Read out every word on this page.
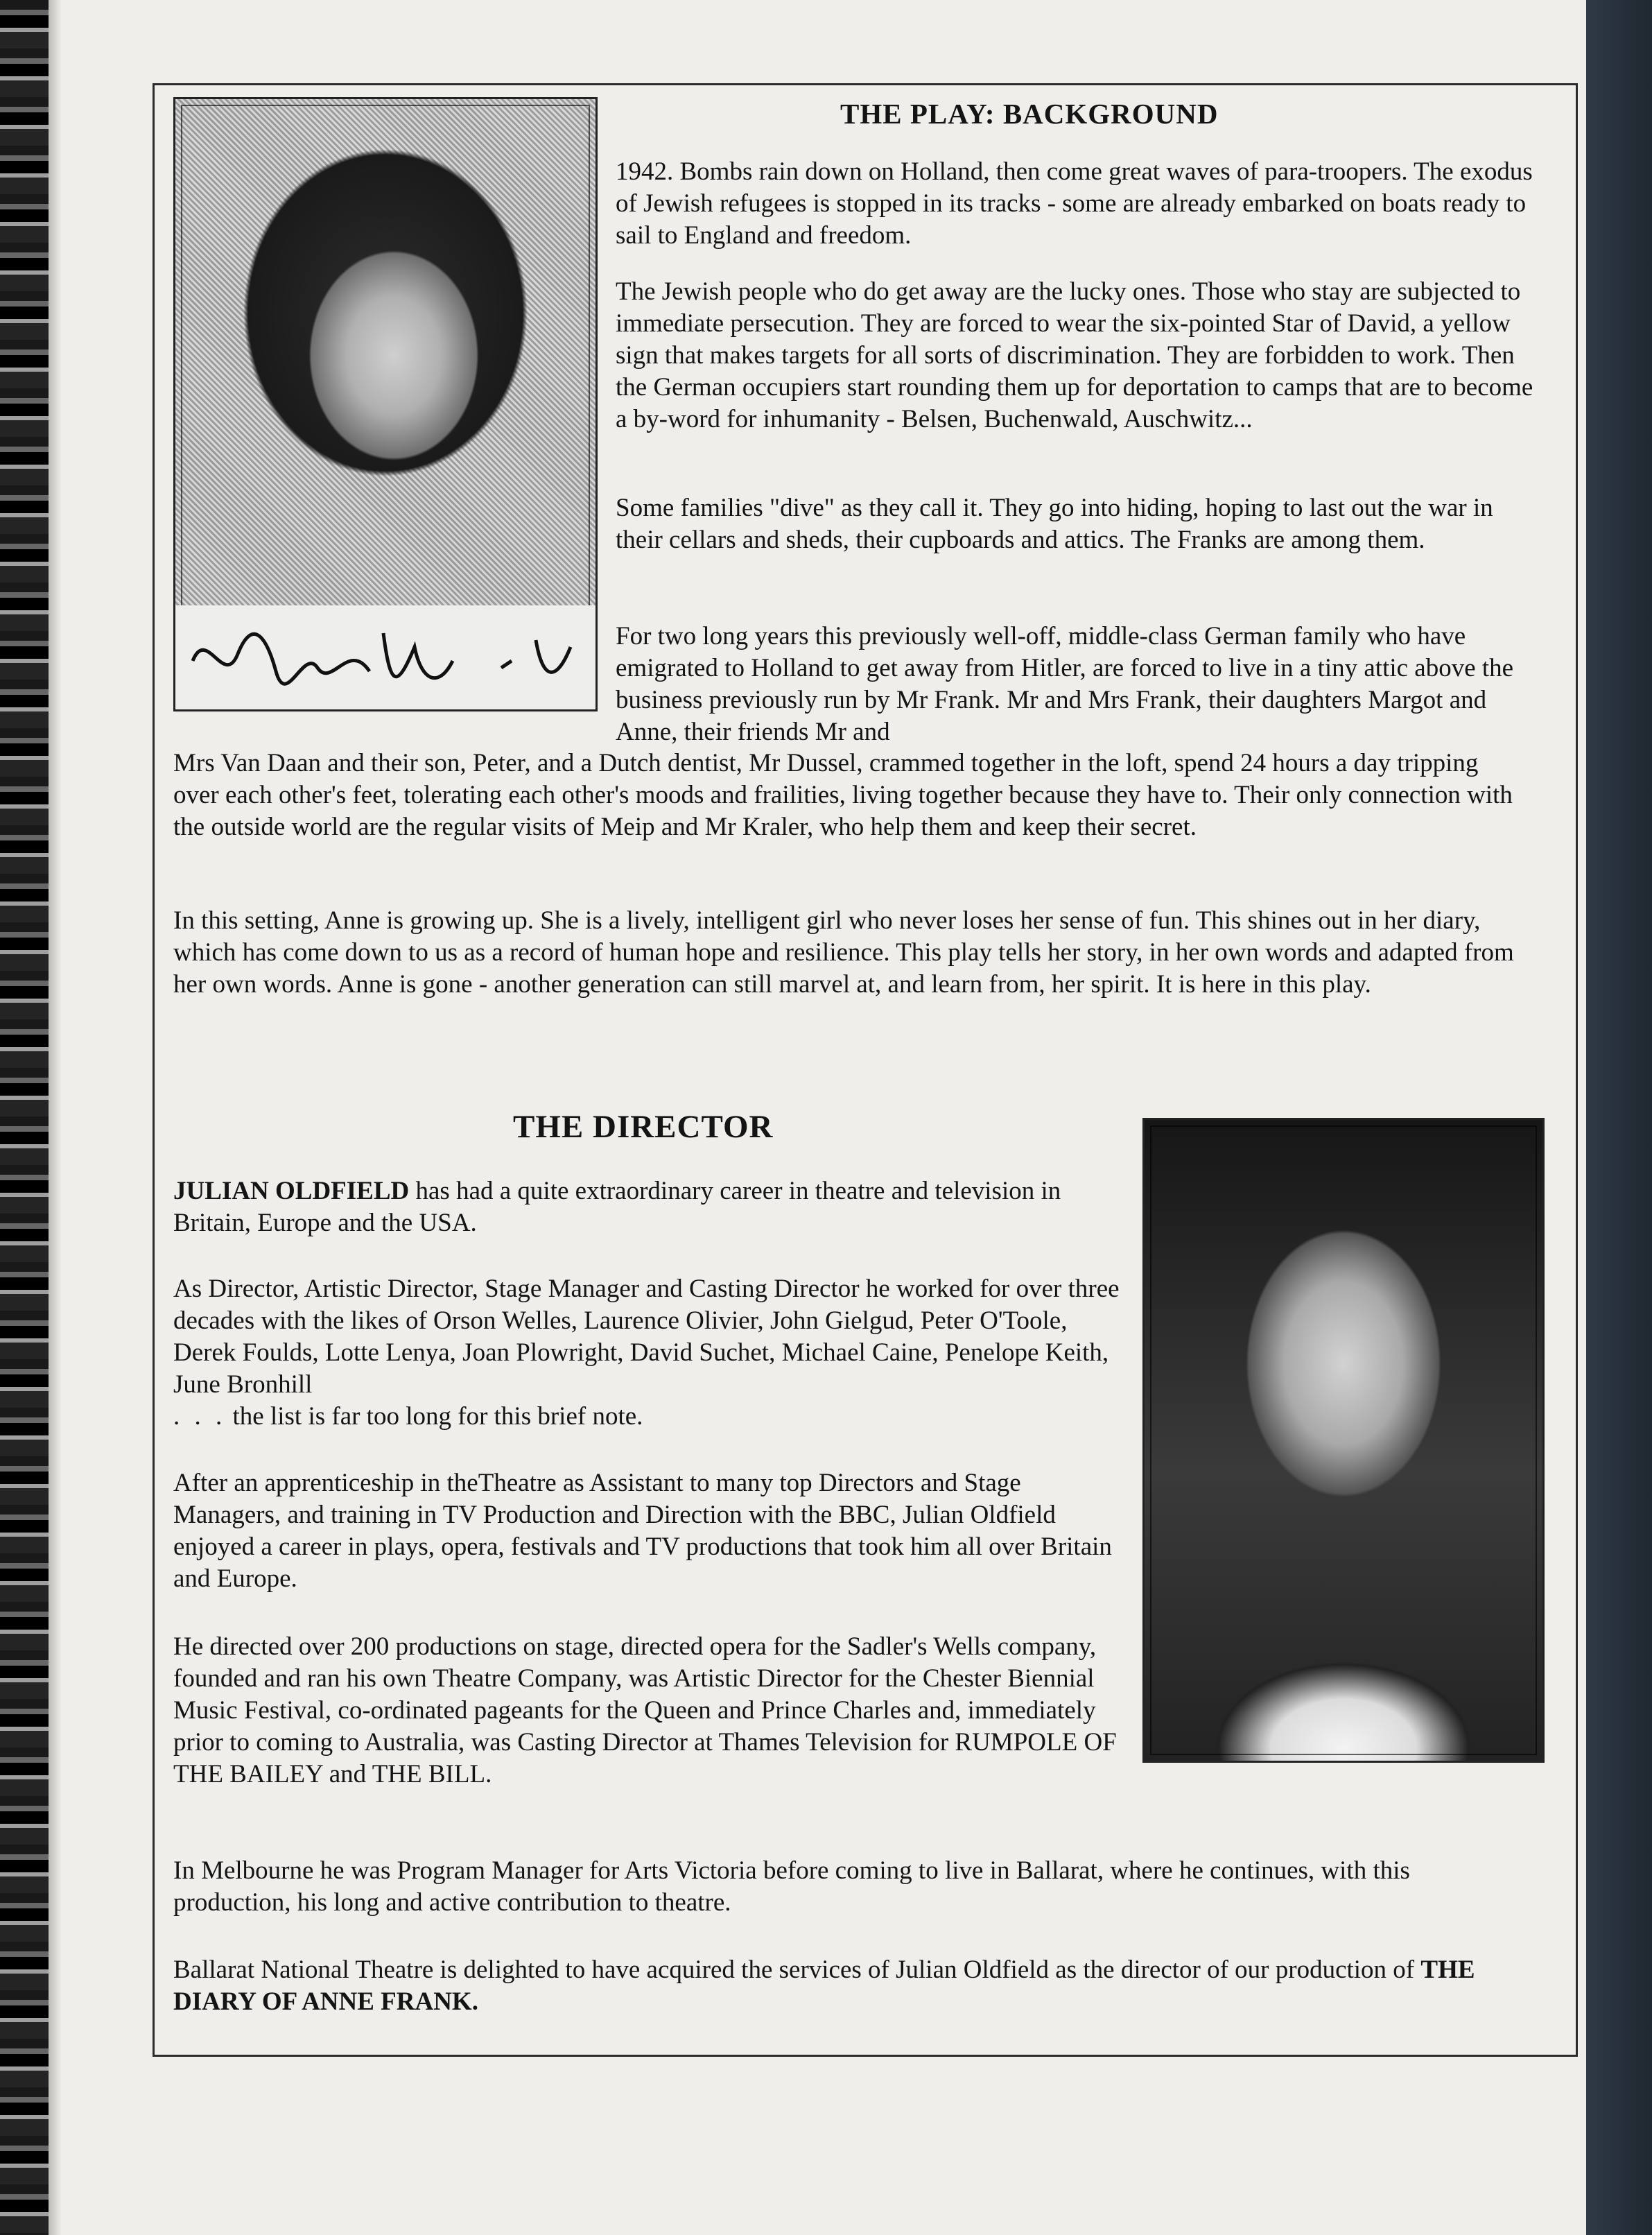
THE PLAY: BACKGROUND

1942. Bombs rain down on Holland, then come great waves of para-troopers. The exodus of Jewish refugees is stopped in its tracks - some are already embarked on boats ready to sail to England and freedom.

The Jewish people who do get away are the lucky ones. Those who stay are subjected to immediate persecution. They are forced to wear the six-pointed Star of David, a yellow sign that makes targets for all sorts of discrimination. They are forbidden to work. Then the German occupiers start rounding them up for deportation to camps that are to become a by-word for inhumanity - Belsen, Buchenwald, Auschwitz...

Some families "dive" as they call it. They go into hiding, hoping to last out the war in their cellars and sheds, their cupboards and attics. The Franks are among them.

For two long years this previously well-off, middle-class German family who have emigrated to Holland to get away from Hitler, are forced to live in a tiny attic above the business previously run by Mr Frank. Mr and Mrs Frank, their daughters Margot and Anne, their friends Mr and

Mrs Van Daan and their son, Peter, and a Dutch dentist, Mr Dussel, crammed together in the loft, spend 24 hours a day tripping over each other's feet, tolerating each other's moods and frailities, living together because they have to. Their only connection with the outside world are the regular visits of Meip and Mr Kraler, who help them and keep their secret.

In this setting, Anne is growing up. She is a lively, intelligent girl who never loses her sense of fun. This shines out in her diary, which has come down to us as a record of human hope and resilience. This play tells her story, in her own words and adapted from her own words. Anne is gone - another generation can still marvel at, and learn from, her spirit. It is here in this play.

THE DIRECTOR

JULIAN OLDFIELD has had a quite extraordinary career in theatre and television in Britain, Europe and the USA.

As Director, Artistic Director, Stage Manager and Casting Director he worked for over three decades with the likes of Orson Welles, Laurence Olivier, John Gielgud, Peter O'Toole, Derek Foulds, Lotte Lenya, Joan Plowright, David Suchet, Michael Caine, Penelope Keith, June Bronhill
. . . the list is far too long for this brief note.

After an apprenticeship in theTheatre as Assistant to many top Directors and Stage Managers, and training in TV Production and Direction with the BBC, Julian Oldfield enjoyed a career in plays, opera, festivals and TV productions that took him all over Britain and Europe.

He directed over 200 productions on stage, directed opera for the Sadler's Wells company, founded and ran his own Theatre Company, was Artistic Director for the Chester Biennial Music Festival, co-ordinated pageants for the Queen and Prince Charles and, immediately prior to coming to Australia, was Casting Director at Thames Television for RUMPOLE OF THE BAILEY and THE BILL.

In Melbourne he was Program Manager for Arts Victoria before coming to live in Ballarat, where he continues, with this production, his long and active contribution to theatre.

Ballarat National Theatre is delighted to have acquired the services of Julian Oldfield as the director of our production of THE DIARY OF ANNE FRANK.
